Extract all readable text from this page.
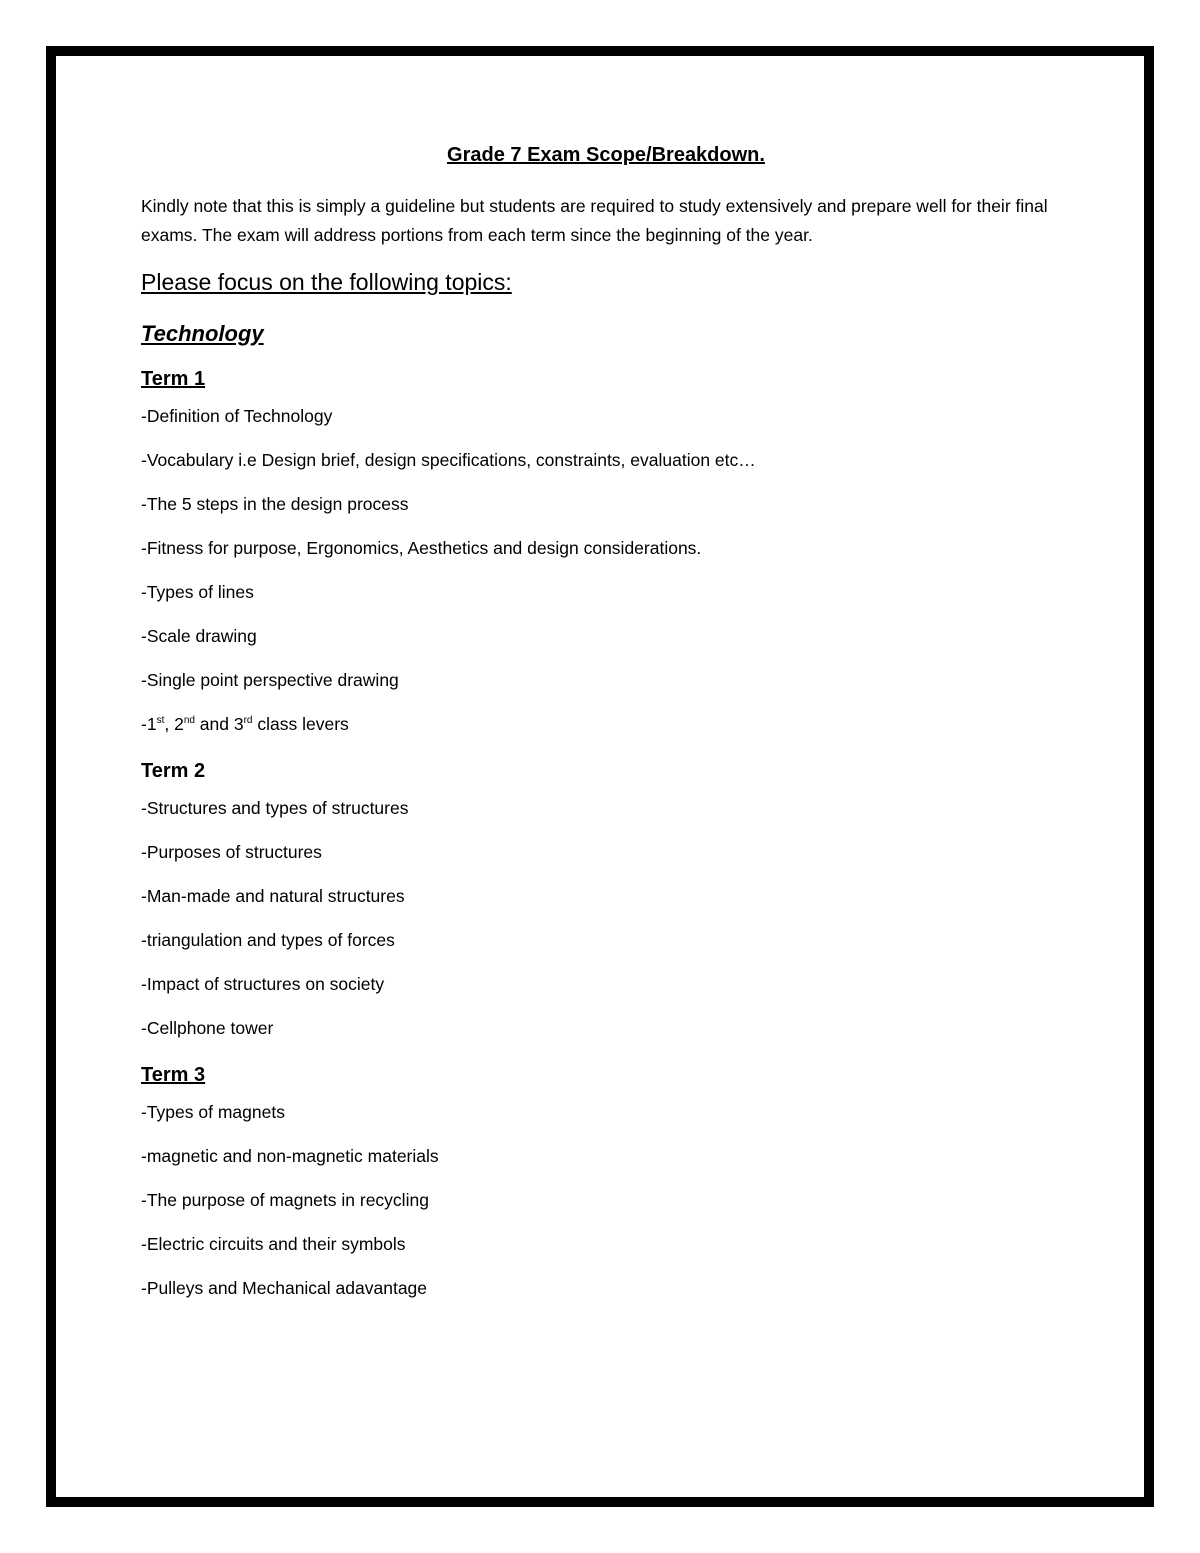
Grade 7 Exam Scope/Breakdown.
Kindly note that this is simply a guideline but students are required to study extensively and prepare well for their final exams. The exam will address portions from each term since the beginning of the year.
Please focus on the following topics:
Technology
Term 1
-Definition of Technology
-Vocabulary i.e Design brief, design specifications, constraints, evaluation etc…
-The 5 steps in the design process
-Fitness for purpose, Ergonomics, Aesthetics and design considerations.
-Types of lines
-Scale drawing
-Single point perspective drawing
-1st, 2nd and 3rd class levers
Term 2
-Structures and types of structures
-Purposes of structures
-Man-made and natural structures
-triangulation and types of forces
-Impact of structures on society
-Cellphone tower
Term 3
-Types of magnets
-magnetic and non-magnetic materials
-The purpose of magnets in recycling
-Electric circuits and their symbols
-Pulleys and Mechanical adavantage
